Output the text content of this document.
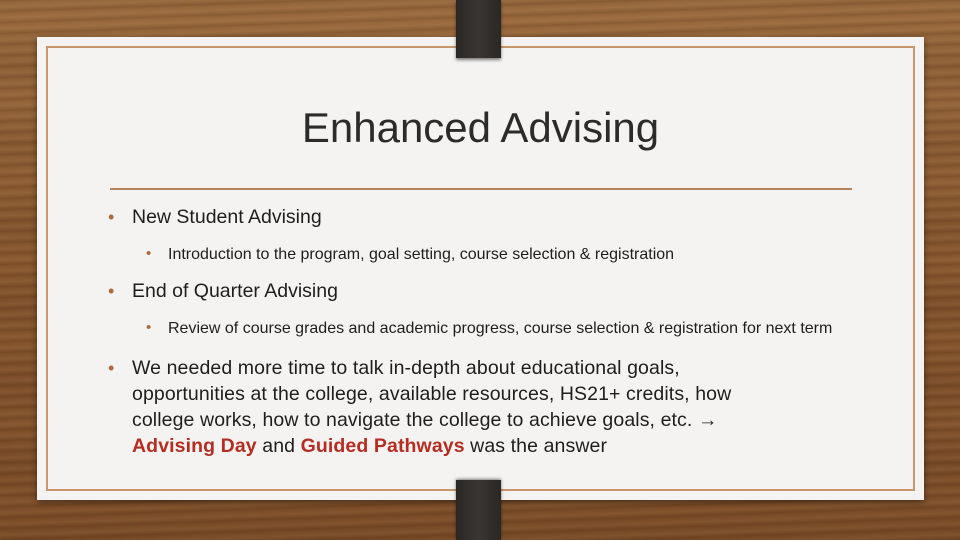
Enhanced Advising
• New Student Advising
• Introduction to the program, goal setting, course selection & registration
• End of Quarter Advising
• Review of course grades and academic progress, course selection & registration for next term
• We needed more time to talk in-depth about educational goals, opportunities at the college, available resources, HS21+ credits, how college works, how to navigate the college to achieve goals, etc. → Advising Day and Guided Pathways was the answer
